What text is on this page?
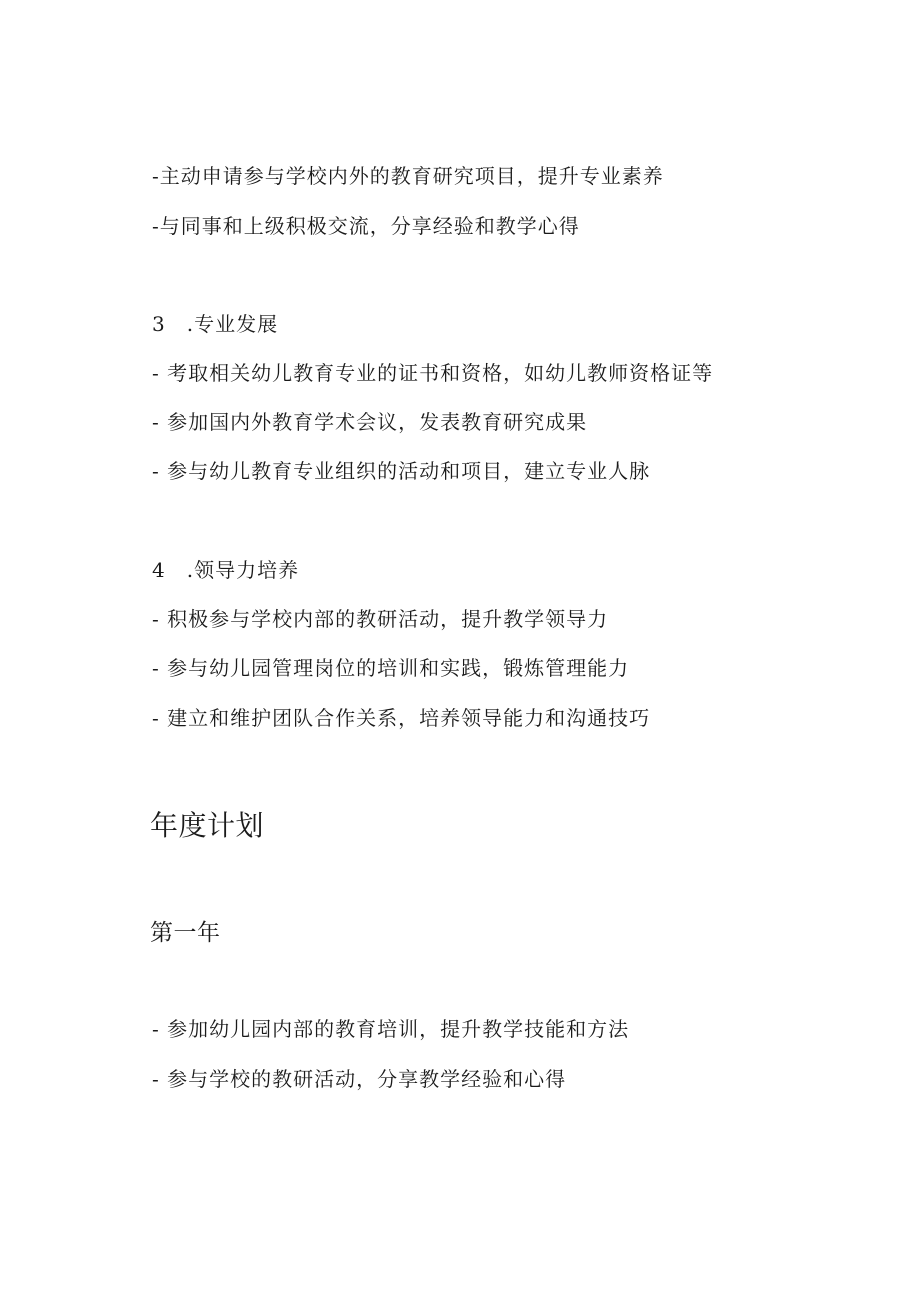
-主动申请参与学校内外的教育研究项目，提升专业素养
-与同事和上级积极交流，分享经验和教学心得
3 .专业发展
- 考取相关幼儿教育专业的证书和资格，如幼儿教师资格证等
- 参加国内外教育学术会议，发表教育研究成果
- 参与幼儿教育专业组织的活动和项目，建立专业人脉
4 .领导力培养
- 积极参与学校内部的教研活动，提升教学领导力
- 参与幼儿园管理岗位的培训和实践，锻炼管理能力
- 建立和维护团队合作关系，培养领导能力和沟通技巧
年度计划
第一年
- 参加幼儿园内部的教育培训，提升教学技能和方法
- 参与学校的教研活动，分享教学经验和心得
